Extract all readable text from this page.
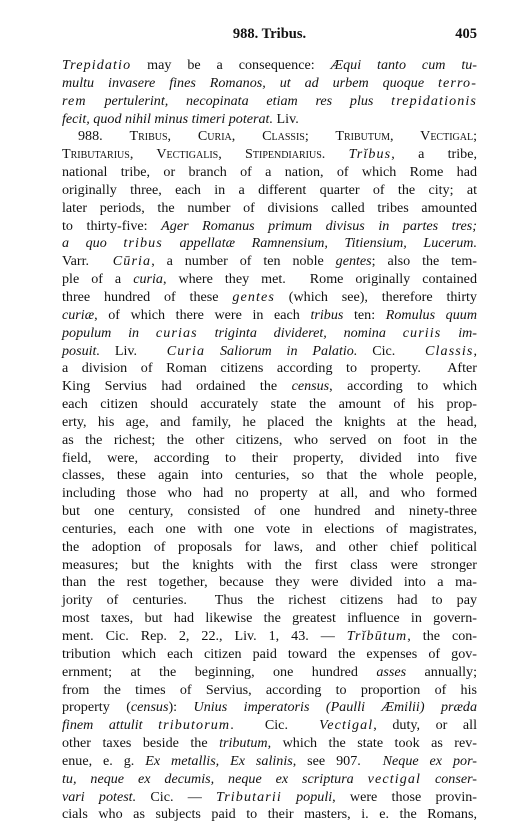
988. Tribus.	405
Trepidatio may be a consequence: Æqui tanto cum tu-
multu invasere fines Romanos, ut ad urbem quoque terro-
rem pertulerint, necopinata etiam res plus trepidationis
fecit, quod nihil minus timeri poterat. Liv.
988. Tribus, Curia, Classis; Tributum, Vectigal;
Tributarius, Vectigalis, Stipendiarius. Trĭbus, a tribe,
national tribe, or branch of a nation, of which Rome had
originally three, each in a different quarter of the city; at
later periods, the number of divisions called tribes amounted
to thirty-five: Ager Romanus primum divisus in partes tres;
a quo tribus appellatæ Ramnensium, Titiensium, Lucerum.
Varr.  Cūria, a number of ten noble gentes; also the tem-
ple of a curia, where they met.  Rome originally contained
three hundred of these gentes (which see), therefore thirty
curiæ, of which there were in each tribus ten: Romulus quum
populum in curias triginta divideret, nomina curiis im-
posuit. Liv.  Curia Saliorum in Palatio. Cic.  Classis,
a division of Roman citizens according to property.  After
King Servius had ordained the census, according to which
each citizen should accurately state the amount of his prop-
erty, his age, and family, he placed the knights at the head,
as the richest; the other citizens, who served on foot in the
field, were, according to their property, divided into five
classes, these again into centuries, so that the whole people,
including those who had no property at all, and who formed
but one century, consisted of one hundred and ninety-three
centuries, each one with one vote in elections of magistrates,
the adoption of proposals for laws, and other chief political
measures; but the knights with the first class were stronger
than the rest together, because they were divided into a ma-
jority of centuries.  Thus the richest citizens had to pay
most taxes, but had likewise the greatest influence in govern-
ment. Cic. Rep. 2, 22., Liv. 1, 43. — Trĭbūtum, the con-
tribution which each citizen paid toward the expenses of gov-
ernment; at the beginning, one hundred asses annually;
from the times of Servius, according to proportion of his
property (census): Unius imperatoris (Paulli Æmilii) præda
finem attulit tributorum.  Cic.  Vectigal, duty, or all
other taxes beside the tributum, which the state took as rev-
enue, e. g. Ex metallis, Ex salinis, see 907.  Neque ex por-
tu, neque ex decumis, neque ex scriptura vectigal conser-
vari potest. Cic. — Tributarii populi, were those provin-
cials who as subjects paid to their masters, i. e. the Romans,
